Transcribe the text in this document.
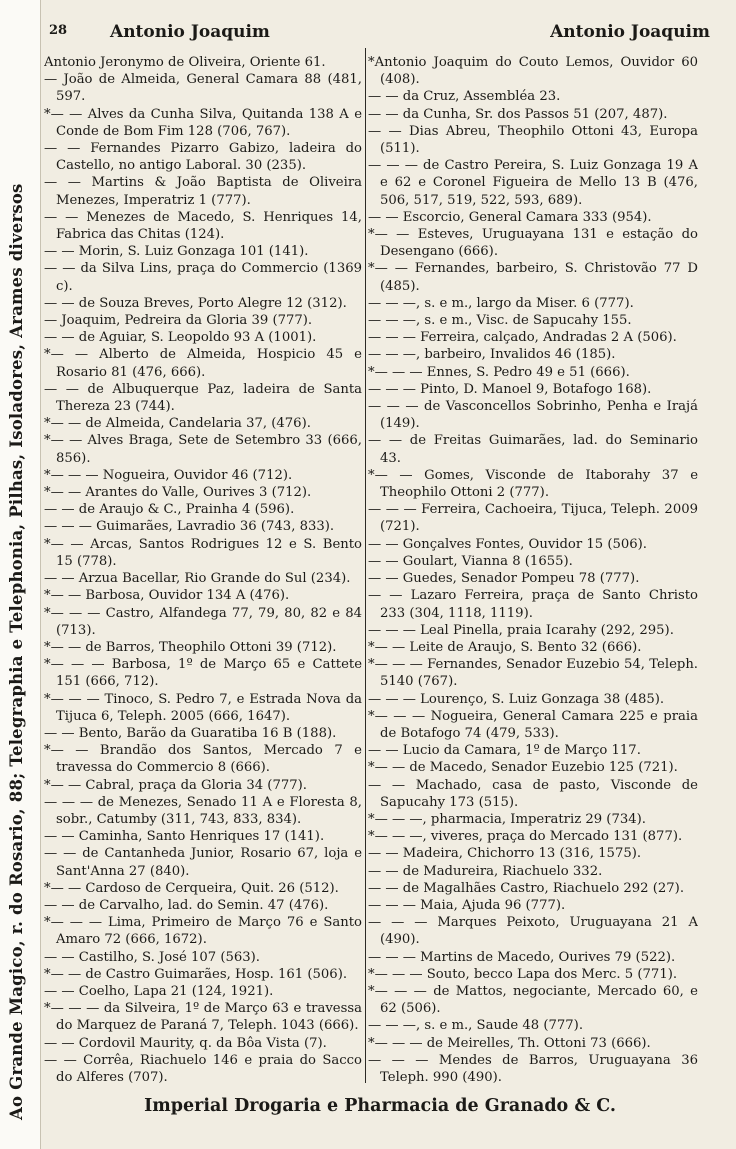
Ao Grande Magico, r. do Rosario, 88; Telegraphia e Telephonia, Pilhas, Isoladores, Arames diversos
28	Antonio Joaquim	Antonio Joaquim

Antonio Jeronymo de Oliveira, Oriente 61.

— João de Almeida, General Camara 88 (481, 597.

*— — Alves da Cunha Silva, Quitanda 138 A e Conde de Bom Fim 128 (706, 767).

— — Fernandes Pizarro Gabizo, ladeira do Castello, no antigo Laboral. 30 (235).

— — Martins & João Baptista de Oliveira Menezes, Imperatriz 1 (777).

— — Menezes de Macedo, S. Henriques 14, Fabrica das Chitas (124).

— — Morin, S. Luiz Gonzaga 101 (141).

— — da Silva Lins, praça do Commercio (1369 c).

— — de Souza Breves, Porto Alegre 12 (312).

— Joaquim, Pedreira da Gloria 39 (777).

— — de Aguiar, S. Leopoldo 93 A (1001).

*— — Alberto de Almeida, Hospicio 45 e Rosario 81 (476, 666).

— — de Albuquerque Paz, ladeira de Santa Thereza 23 (744).

*— — de Almeida, Candelaria 37, (476).

*— — Alves Braga, Sete de Setembro 33 (666, 856).

*— — — Nogueira, Ouvidor 46 (712).

*— — Arantes do Valle, Ourives 3 (712).

— — de Araujo & C., Prainha 4 (596).

— — — Guimarães, Lavradio 36 (743, 833).

*— — Arcas, Santos Rodrigues 12 e S. Bento 15 (778).

— — Arzua Bacellar, Rio Grande do Sul (234).

*— — Barbosa, Ouvidor 134 A (476).

*— — — Castro, Alfandega 77, 79, 80, 82 e 84 (713).

*— — de Barros, Theophilo Ottoni 39 (712).

*— — — Barbosa, 1º de Março 65 e Cattete 151 (666, 712).

*— — — Tinoco, S. Pedro 7, e Estrada Nova da Tijuca 6, Teleph. 2005 (666, 1647).

— — Bento, Barão da Guaratiba 16 B (188).

*— — Brandão dos Santos, Mercado 7 e travessa do Commercio 8 (666).

*— — Cabral, praça da Gloria 34 (777).

— — — de Menezes, Senado 11 A e Floresta 8, sobr., Catumby (311, 743, 833, 834).

— — Caminha, Santo Henriques 17 (141).

— — de Cantanheda Junior, Rosario 67, loja e Sant'Anna 27 (840).

*— — Cardoso de Cerqueira, Quit. 26 (512).

— — de Carvalho, lad. do Semin. 47 (476).

*— — — Lima, Primeiro de Março 76 e Santo Amaro 72 (666, 1672).

— — Castilho, S. José 107 (563).

*— — de Castro Guimarães, Hosp. 161 (506).

— — Coelho, Lapa 21 (124, 1921).

*— — — da Silveira, 1º de Março 63 e travessa do Marquez de Paraná 7, Teleph. 1043 (666).

— — Cordovil Maurity, q. da Bôa Vista (7).

— — Corrêa, Riachuelo 146 e praia do Sacco do Alferes (707).

*Antonio Joaquim do Couto Lemos, Ouvidor 60 (408).

— — da Cruz, Assembléa 23.

— — da Cunha, Sr. dos Passos 51 (207, 487).

— — Dias Abreu, Theophilo Ottoni 43, Europa (511).

— — — de Castro Pereira, S. Luiz Gonzaga 19 A e 62 e Coronel Figueira de Mello 13 B (476, 506, 517, 519, 522, 593, 689).

— — Escorcio, General Camara 333 (954).

*— — Esteves, Uruguayana 131 e estação do Desengano (666).

*— — Fernandes, barbeiro, S. Christovão 77 D (485).

— — —, s. e m., largo da Miser. 6 (777).

— — —, s. e m., Visc. de Sapucahy 155.

— — — Ferreira, calçado, Andradas 2 A (506).

— — —, barbeiro, Invalidos 46 (185).

*— — — Ennes, S. Pedro 49 e 51 (666).

— — — Pinto, D. Manoel 9, Botafogo 168).

— — — de Vasconcellos Sobrinho, Penha e Irajá (149).

— — de Freitas Guimarães, lad. do Seminario 43.

*— — Gomes, Visconde de Itaborahy 37 e Theophilo Ottoni 2 (777).

— — — Ferreira, Cachoeira, Tijuca, Teleph. 2009 (721).

— — Gonçalves Fontes, Ouvidor 15 (506).

— — Goulart, Vianna 8 (1655).

— — Guedes, Senador Pompeu 78 (777).

— — Lazaro Ferreira, praça de Santo Christo 233 (304, 1118, 1119).

— — — Leal Pinella, praia Icarahy (292, 295).

*— — Leite de Araujo, S. Bento 32 (666).

*— — — Fernandes, Senador Euzebio 54, Teleph. 5140 (767).

— — — Lourenço, S. Luiz Gonzaga 38 (485).

*— — — Nogueira, General Camara 225 e praia de Botafogo 74 (479, 533).

— — Lucio da Camara, 1º de Março 117.

*— — de Macedo, Senador Euzebio 125 (721).

— — Machado, casa de pasto, Visconde de Sapucahy 173 (515).

*— — —, pharmacia, Imperatriz 29 (734).

*— — —, viveres, praça do Mercado 131 (877).

— — Madeira, Chichorro 13 (316, 1575).

— — de Madureira, Riachuelo 332.

— — de Magalhães Castro, Riachuelo 292 (27).

— — — Maia, Ajuda 96 (777).

— — — Marques Peixoto, Uruguayana 21 A (490).

— — — Martins de Macedo, Ourives 79 (522).

*— — — Souto, becco Lapa dos Merc. 5 (771).

*— — — de Mattos, negociante, Mercado 60, e 62 (506).

— — —, s. e m., Saude 48 (777).

*— — — de Meirelles, Th. Ottoni 73 (666).

— — — Mendes de Barros, Uruguayana 36 Teleph. 990 (490).

Imperial Drogaria e Pharmacia de Granado & C.
